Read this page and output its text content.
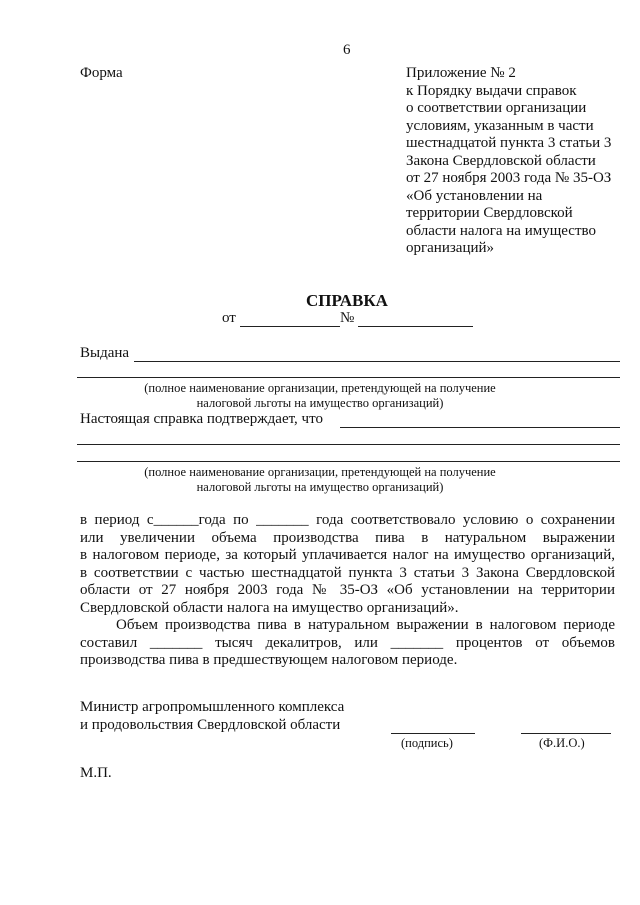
6
Форма	Приложение № 2
к Порядку выдачи справок
о соответствии организации
условиям, указанным в части
шестнадцатой пункта 3 статьи 3
Закона Свердловской области
от 27 ноября 2003 года № 35-ОЗ
«Об установлении на
территории Свердловской
области налога на имущество
организаций»
СПРАВКА
от	№
Выдана
(полное наименование организации, претендующей на получение
налоговой льготы на имущество организаций)
Настоящая справка подтверждает, что
(полное наименование организации, претендующей на получение
налоговой льготы на имущество организаций)
в период с______года по _______ года соответствовало условию о сохранении
или увеличении объема производства пива в натуральном выражении
в налоговом периоде, за который уплачивается налог на имущество организаций,
в соответствии с частью шестнадцатой пункта 3 статьи 3 Закона Свердловской
области от 27 ноября 2003 года № 35-ОЗ «Об установлении на территории
Свердловской области налога на имущество организаций».
Объем производства пива в натуральном выражении в налоговом периоде
составил _______ тысяч декалитров, или _______ процентов от объемов
производства пива в предшествующем налоговом периоде.
Министр агропромышленного комплекса
и продовольствия Свердловской области
(подпись)	(Ф.И.О.)
М.П.
